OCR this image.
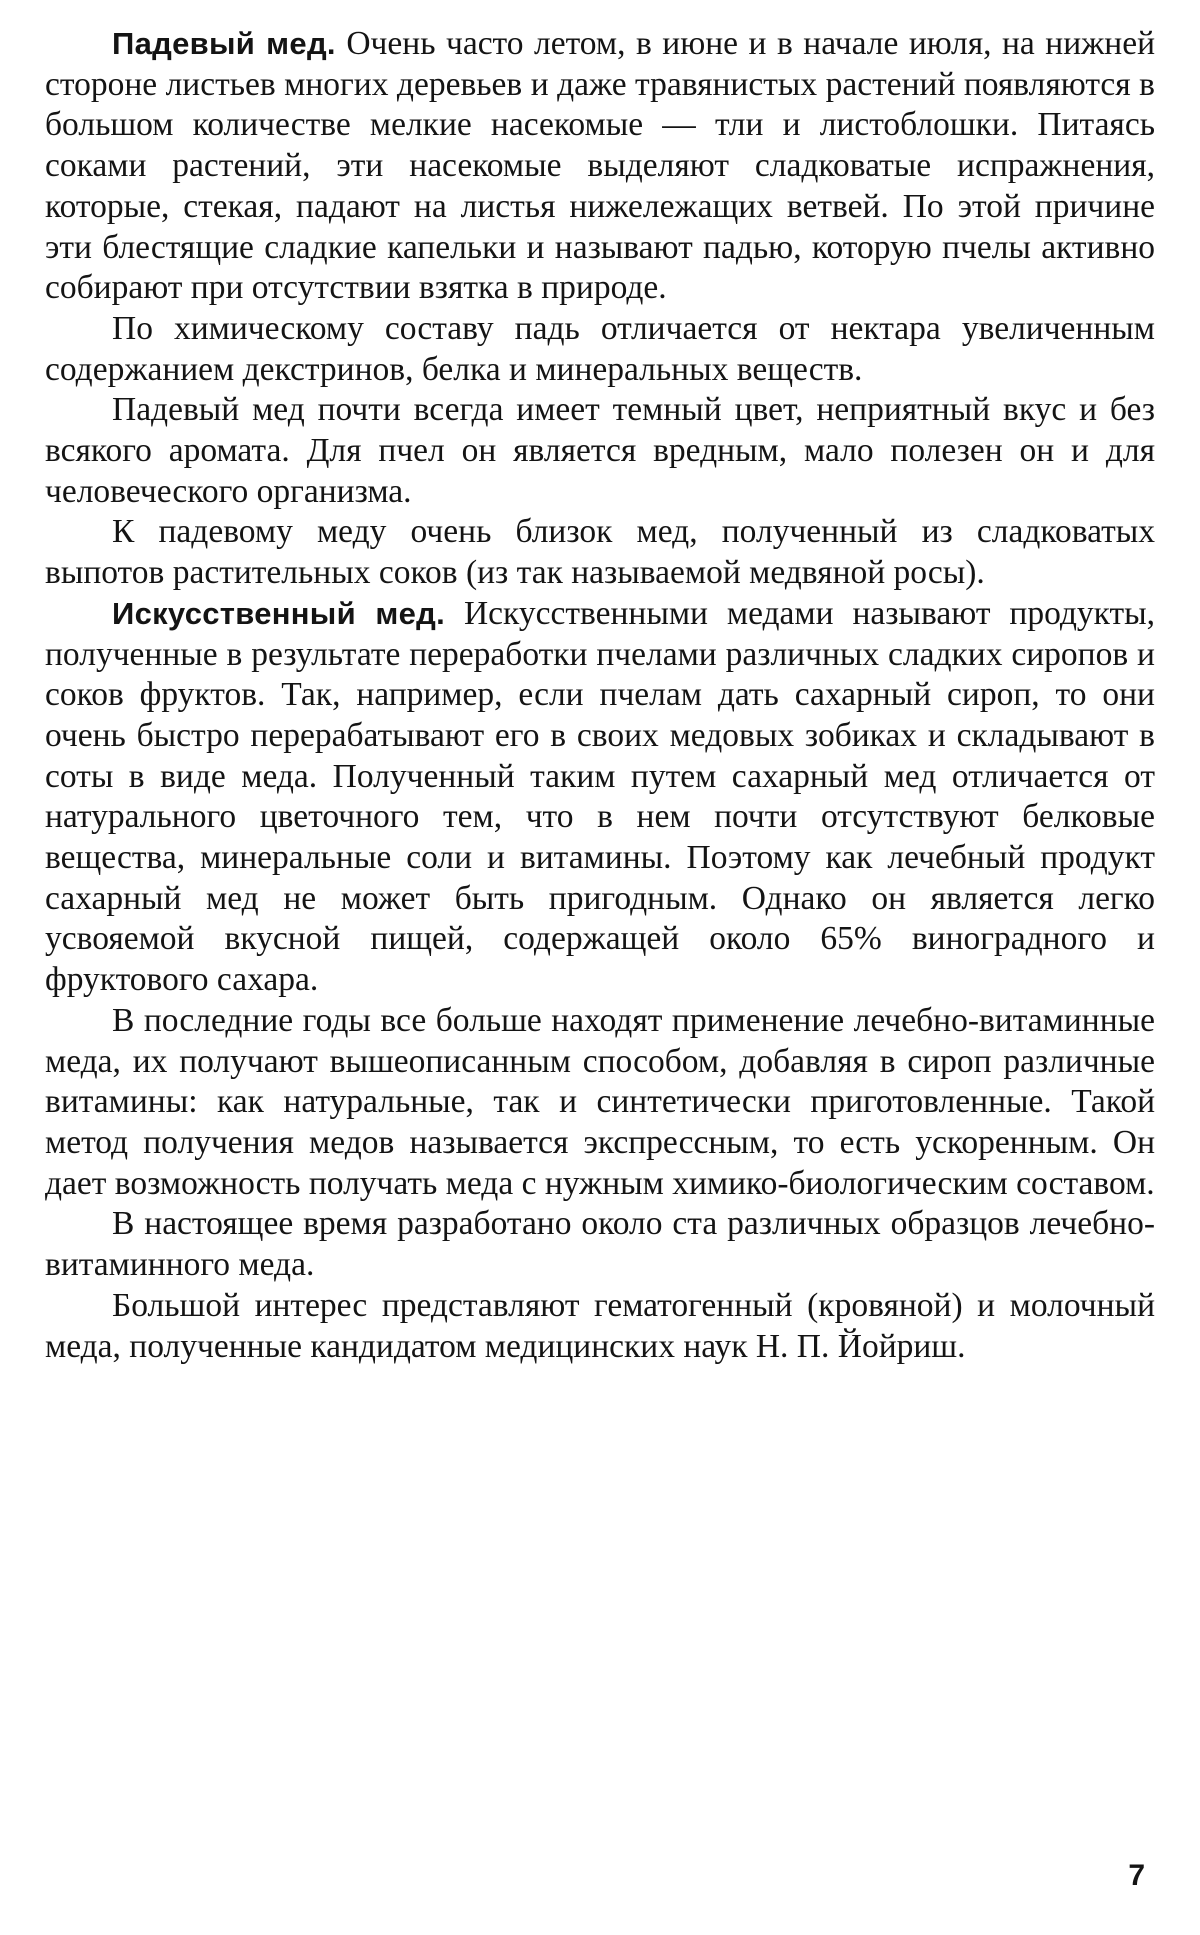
Падевый мед. Очень часто летом, в июне и в начале июля, на нижней стороне листьев многих деревьев и даже травянистых растений появляются в большом количестве мелкие насекомые — тли и листоблошки. Питаясь соками растений, эти насекомые выделяют сладковатые испражнения, которые, стекая, падают на листья нижележащих ветвей. По этой причине эти блестящие сладкие капельки и называют падью, которую пчелы активно собирают при отсутствии взятка в природе.

По химическому составу падь отличается от нектара увеличенным содержанием декстринов, белка и минеральных веществ.

Падевый мед почти всегда имеет темный цвет, неприятный вкус и без всякого аромата. Для пчел он является вредным, мало полезен он и для человеческого организма.

К падевому меду очень близок мед, полученный из сладковатых выпотов растительных соков (из так называемой медвяной росы).

Искусственный мед. Искусственными медами называют продукты, полученные в результате переработки пчелами различных сладких сиропов и соков фруктов. Так, например, если пчелам дать сахарный сироп, то они очень быстро перерабатывают его в своих медовых зобиках и складывают в соты в виде меда. Полученный таким путем сахарный мед отличается от натурального цветочного тем, что в нем почти отсутствуют белковые вещества, минеральные соли и витамины. Поэтому как лечебный продукт сахарный мед не может быть пригодным. Однако он является легко усвояемой вкусной пищей, содержащей около 65% виноградного и фруктового сахара.

В последние годы все больше находят применение лечебно-витаминные меда, их получают вышеописанным способом, добавляя в сироп различные витамины: как натуральные, так и синтетически приготовленные. Такой метод получения медов называется экспрессным, то есть ускоренным. Он дает возможность получать меда с нужным химико-биологическим составом.

В настоящее время разработано около ста различных образцов лечебно-витаминного меда.

Большой интерес представляют гематогенный (кровяной) и молочный меда, полученные кандидатом медицинских наук Н. П. Йойриш.

7
